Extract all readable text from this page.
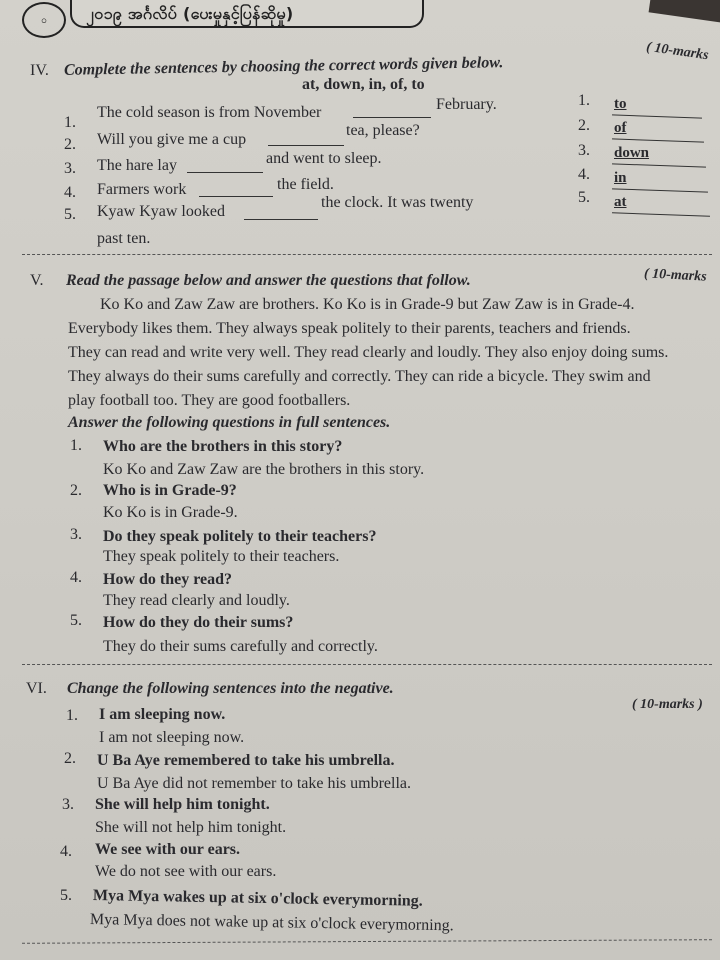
၀ ၂၀၁၉ အင်္ဂလိပ် (ပေးမှုနှင့်ပြန်ဆိုမှု)
IV. Complete the sentences by choosing the correct words given below.
( 10-marks
at, down, in, of, to
1.
The cold season is from November	February.
2. Will you give me a cup
tea, please?
3. The hare lay	and went to sleep.
4. Farmers work	the field.
5. Kyaw Kyaw looked
the clock. It was twenty
past ten.
1. to
2. of
3. down
4. in
5. at
V. Read the passage below and answer the questions that follow.	( 10-marks
Ko Ko and Zaw Zaw are brothers. Ko Ko is in Grade-9 but Zaw Zaw is in Grade-4.
Everybody likes them. They always speak politely to their parents, teachers and friends.
They can read and write very well. They read clearly and loudly. They also enjoy doing sums.
They always do their sums carefully and correctly. They can ride a bicycle. They swim and
play football too. They are good footballers.
Answer the following questions in full sentences.
1. Who are the brothers in this story?
Ko Ko and Zaw Zaw are the brothers in this story.
2. Who is in Grade-9?
Ko Ko is in Grade-9.
3. Do they speak politely to their teachers?
They speak politely to their teachers.
4. How do they read?
They read clearly and loudly.
5. How do they do their sums?
They do their sums carefully and correctly.
VI. Change the following sentences into the negative.
( 10-marks )
1. I am sleeping now.
I am not sleeping now.
2. U Ba Aye remembered to take his umbrella.
U Ba Aye did not remember to take his umbrella.
3. She will help him tonight.
She will not help him tonight.
4. We see with our ears.
We do not see with our ears.
5. Mya Mya wakes up at six o'clock everymorning.
Mya Mya does not wake up at six o'clock everymorning.
